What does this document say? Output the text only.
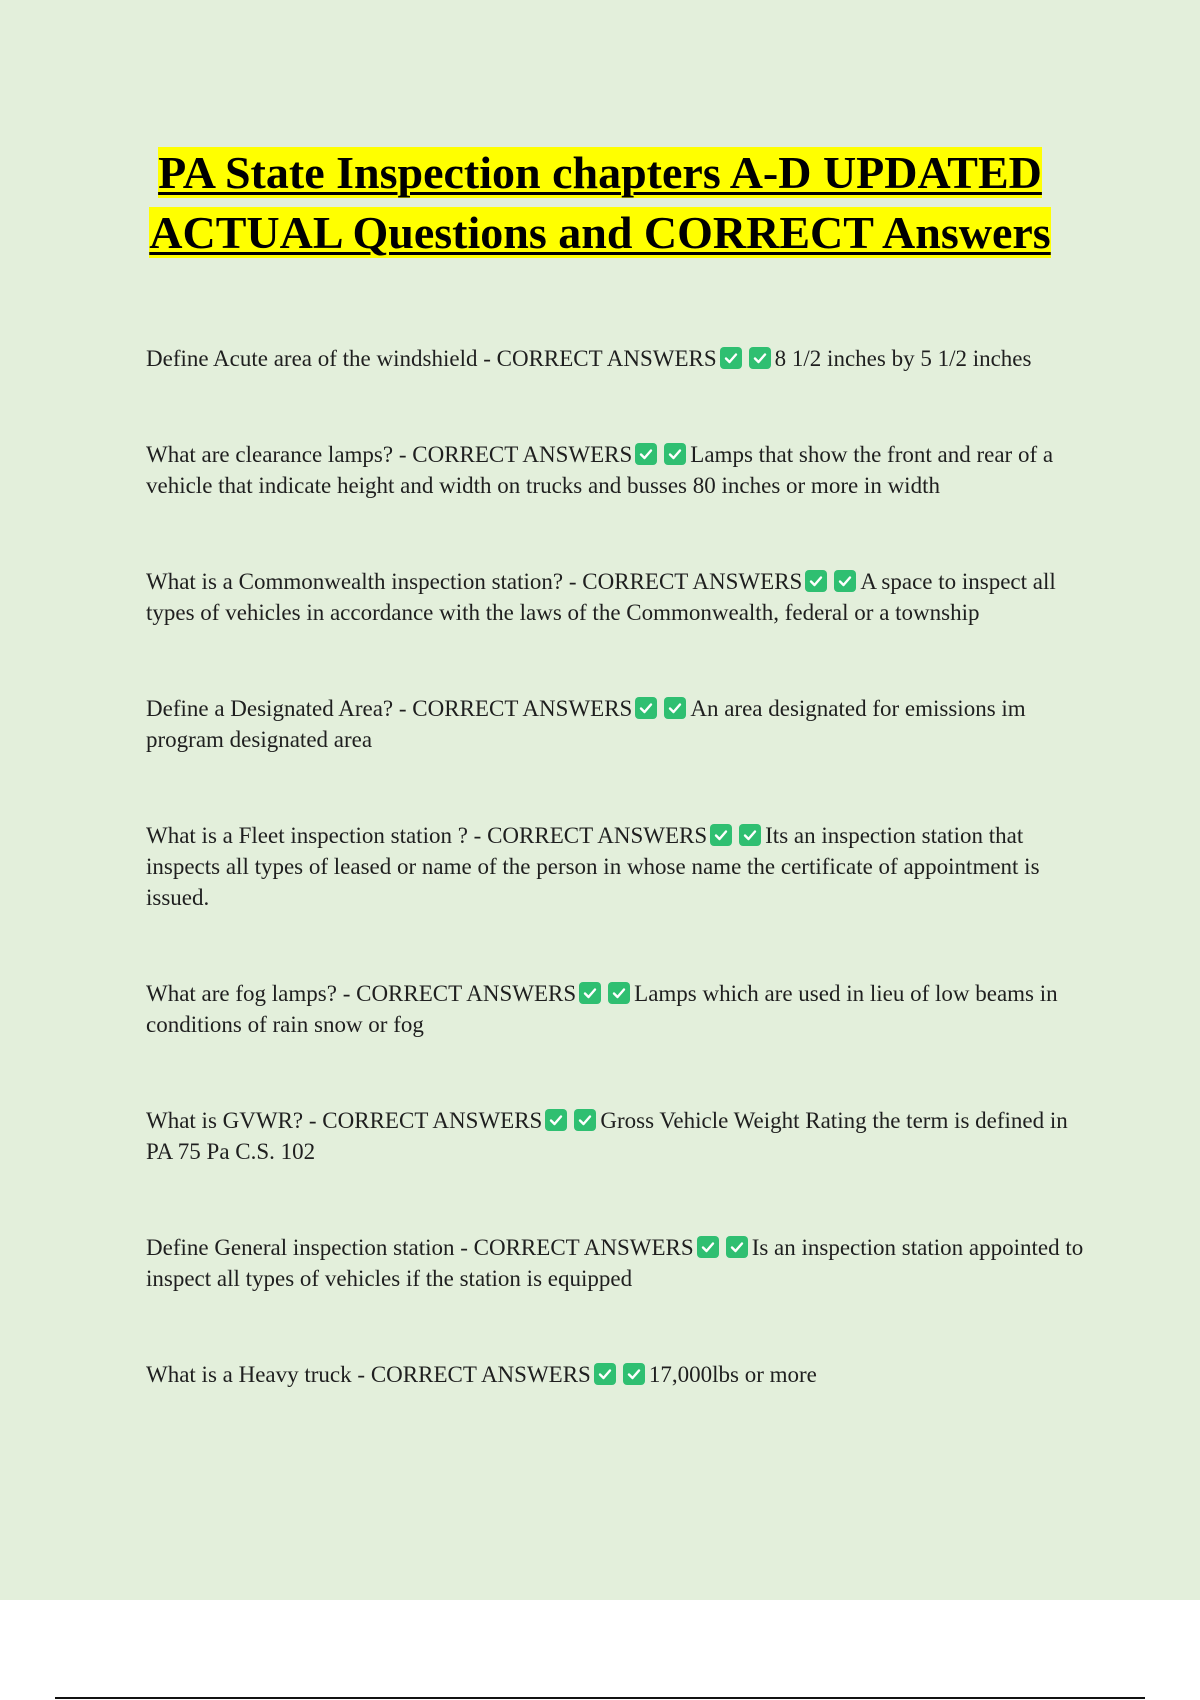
PA State Inspection chapters A-D UPDATED ACTUAL Questions and CORRECT Answers

Define Acute area of the windshield - CORRECT ANSWERS	8 1/2 inches by 5 1/2 inches

What are clearance lamps? - CORRECT ANSWERS	Lamps that show the front and rear of a vehicle that indicate height and width on trucks and busses 80 inches or more in width

What is a Commonwealth inspection station? - CORRECT ANSWERS	A space to inspect all types of vehicles in accordance with the laws of the Commonwealth, federal or a township

Define a Designated Area? - CORRECT ANSWERS	An area designated for emissions im program designated area

What is a Fleet inspection station ? - CORRECT ANSWERS	Its an inspection station that inspects all types of leased or name of the person in whose name the certificate of appointment is issued.

What are fog lamps? - CORRECT ANSWERS	Lamps which are used in lieu of low beams in conditions of rain snow or fog

What is GVWR? - CORRECT ANSWERS	Gross Vehicle Weight Rating the term is defined in PA 75 Pa C.S. 102

Define General inspection station - CORRECT ANSWERS	Is an inspection station appointed to inspect all types of vehicles if the station is equipped

What is a Heavy truck - CORRECT ANSWERS	17,000lbs or more
